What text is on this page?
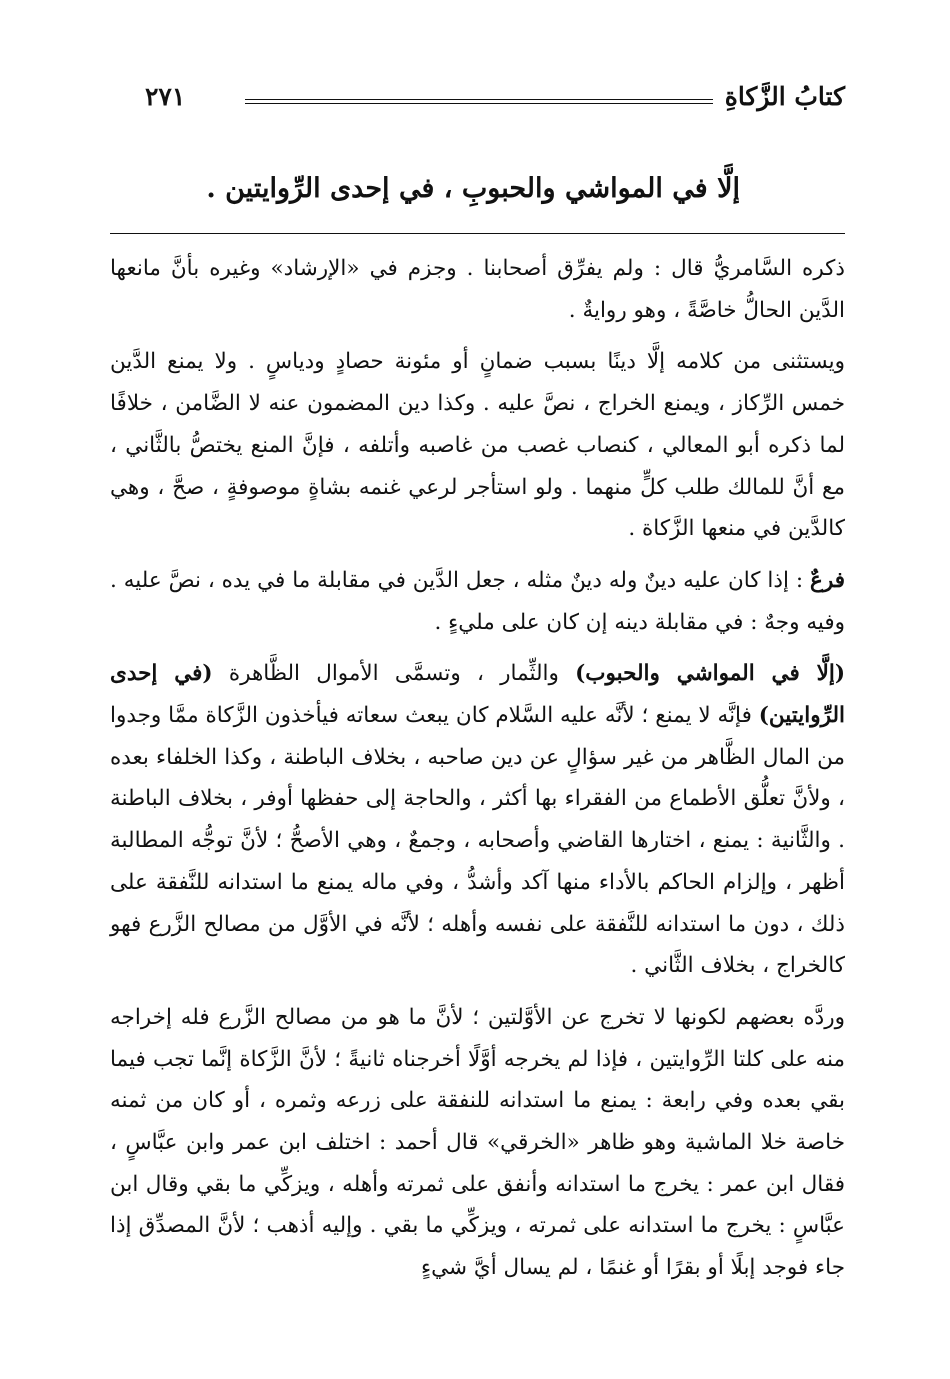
كتابُ الزَّكاةِ
٢٧١
إلَّا في المواشي والحبوبِ ، في إحدى الرِّوايتين .

ذكره السَّامريُّ قال : ولم يفرِّق أصحابنا . وجزم في «الإرشاد» وغيره بأنَّ مانعها الدَّين الحالُّ خاصَّةً ، وهو روايةٌ .

ويستثنى من كلامه إلَّا دينًا بسبب ضمانٍ أو مئونة حصادٍ ودياسٍ . ولا يمنع الدَّين خمس الرِّكاز ، ويمنع الخراج ، نصَّ عليه . وكذا دين المضمون عنه لا الضَّامن ، خلافًا لما ذكره أبو المعالي ، كنصاب غصب من غاصبه وأتلفه ، فإنَّ المنع يختصُّ بالثَّاني ، مع أنَّ للمالك طلب كلٍّ منهما . ولو استأجر لرعي غنمه بشاةٍ موصوفةٍ ، صحَّ ، وهي كالدَّين في منعها الزَّكاة .

فرعٌ : إذا كان عليه دينٌ وله دينٌ مثله ، جعل الدَّين في مقابلة ما في يده ، نصَّ عليه . وفيه وجهٌ : في مقابلة دينه إن كان على مليءٍ .

(إلَّا في المواشي والحبوب) والثِّمار ، وتسمَّى الأموال الظَّاهرة (في إحدى الرِّوايتين) فإنَّه لا يمنع ؛ لأنَّه عليه السَّلام كان يبعث سعاته فيأخذون الزَّكاة ممَّا وجدوا من المال الظَّاهر من غير سؤالٍ عن دين صاحبه ، بخلاف الباطنة ، وكذا الخلفاء بعده ، ولأنَّ تعلُّق الأطماع من الفقراء بها أكثر ، والحاجة إلى حفظها أوفر ، بخلاف الباطنة . والثَّانية : يمنع ، اختارها القاضي وأصحابه ، وجمعٌ ، وهي الأصحُّ ؛ لأنَّ توجُّه المطالبة أظهر ، وإلزام الحاكم بالأداء منها آكد وأشدُّ ، وفي ماله يمنع ما استدانه للنَّفقة على ذلك ، دون ما استدانه للنَّفقة على نفسه وأهله ؛ لأنَّه في الأوَّل من مصالح الزَّرع فهو كالخراج ، بخلاف الثَّاني .

وردَّه بعضهم لكونها لا تخرج عن الأوَّلتين ؛ لأنَّ ما هو من مصالح الزَّرع فله إخراجه منه على كلتا الرِّوايتين ، فإذا لم يخرجه أوَّلًا أخرجناه ثانيةً ؛ لأنَّ الزَّكاة إنَّما تجب فيما بقي بعده وفي رابعة : يمنع ما استدانه للنفقة على زرعه وثمره ، أو كان من ثمنه خاصة خلا الماشية وهو ظاهر «الخرقي» قال أحمد : اختلف ابن عمر وابن عبَّاسٍ ، فقال ابن عمر : يخرج ما استدانه وأنفق على ثمرته وأهله ، ويزكِّي ما بقي وقال ابن عبَّاسٍ : يخرج ما استدانه على ثمرته ، ويزكِّي ما بقي . وإليه أذهب ؛ لأنَّ المصدِّق إذا جاء فوجد إبلًا أو بقرًا أو غنمًا ، لم يسال أيَّ شيءٍ
